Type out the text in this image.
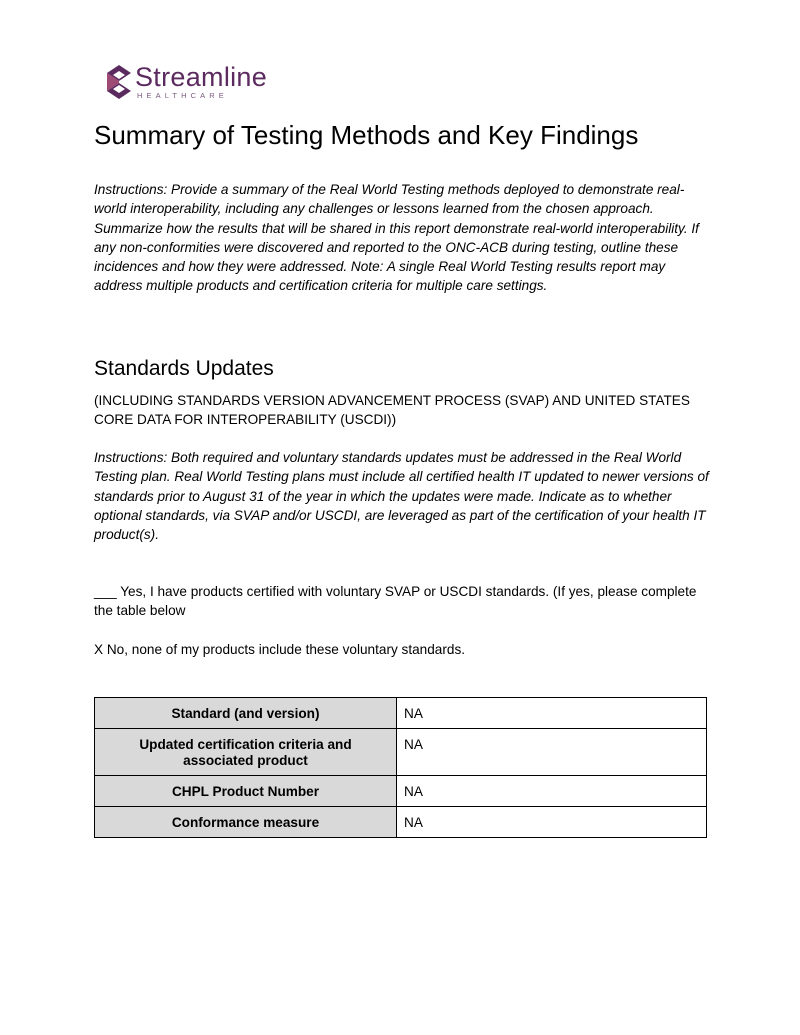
Streamline
HEALTHCARE
Summary of Testing Methods and Key Findings

Instructions: Provide a summary of the Real World Testing methods deployed to demonstrate real-world interoperability, including any challenges or lessons learned from the chosen approach. Summarize how the results that will be shared in this report demonstrate real-world interoperability. If any non-conformities were discovered and reported to the ONC-ACB during testing, outline these incidences and how they were addressed. Note: A single Real World Testing results report may address multiple products and certification criteria for multiple care settings.

Standards Updates

(INCLUDING STANDARDS VERSION ADVANCEMENT PROCESS (SVAP) AND UNITED STATES CORE DATA FOR INTEROPERABILITY (USCDI))

Instructions: Both required and voluntary standards updates must be addressed in the Real World Testing plan. Real World Testing plans must include all certified health IT updated to newer versions of standards prior to August 31 of the year in which the updates were made. Indicate as to whether optional standards, via SVAP and/or USCDI, are leveraged as part of the certification of your health IT product(s).

___ Yes, I have products certified with voluntary SVAP or USCDI standards. (If yes, please complete the table below

X No, none of my products include these voluntary standards.

Standard (and version)	NA
Updated certification criteria and associated product	NA
CHPL Product Number	NA
Conformance measure	NA
